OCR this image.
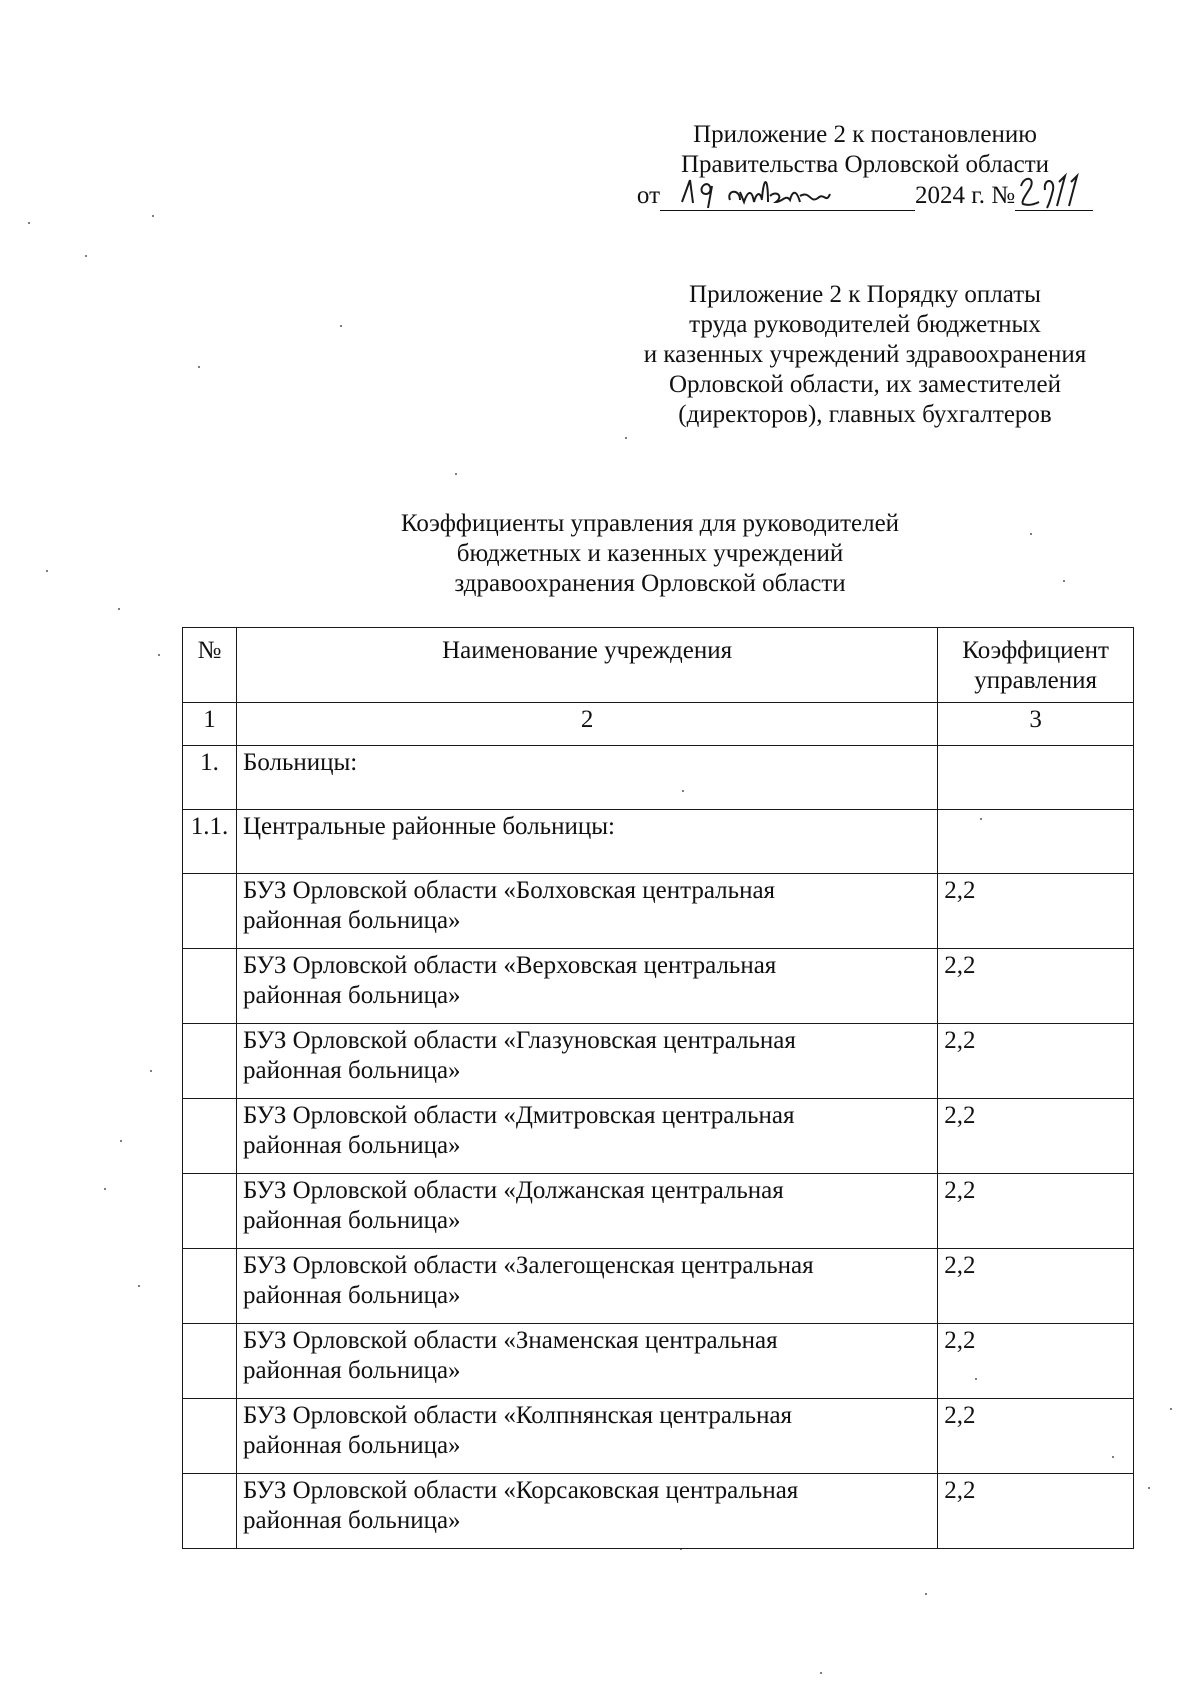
Приложение 2 к постановлению
Правительства Орловской области
от	2024 г. №
Приложение 2 к Порядку оплаты
труда руководителей бюджетных
и казенных учреждений здравоохранения
Орловской области, их заместителей
(директоров), главных бухгалтеров
Коэффициенты управления для руководителей
бюджетных и казенных учреждений
здравоохранения Орловской области
№	Наименование учреждения	Коэффициент
управления

1	2	3
1.	Больницы:	
1.1.	Центральные районные больницы:	

	БУЗ Орловской области «Болховская центральная
районная больница»	2,2

	БУЗ Орловской области «Верховская центральная
районная больница»	2,2

	БУЗ Орловской области «Глазуновская центральная
районная больница»	2,2

	БУЗ Орловской области «Дмитровская центральная
районная больница»	2,2

	БУЗ Орловской области «Должанская центральная
районная больница»	2,2

	БУЗ Орловской области «Залегощенская центральная
районная больница»	2,2

	БУЗ Орловской области «Знаменская центральная
районная больница»	2,2

	БУЗ Орловской области «Колпнянская центральная
районная больница»	2,2

	БУЗ Орловской области «Корсаковская центральная
районная больница»	2,2
